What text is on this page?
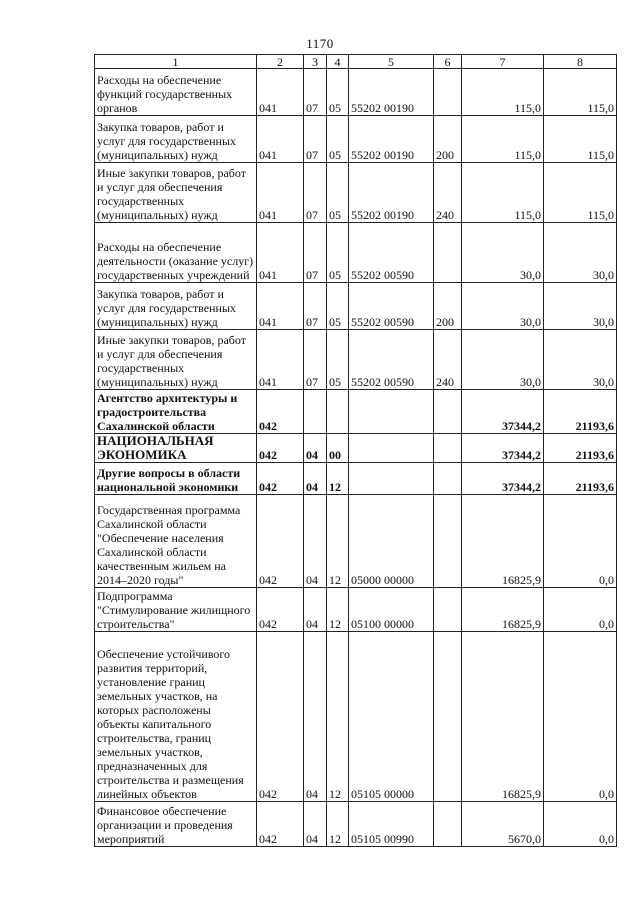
1170
1	2	3	4	5	6	7	8
Расходы на обеспечение функций государственных органов	041	07	05	55202 00190		115,0	115,0
Закупка товаров, работ и услуг для государственных (муниципальных) нужд	041	07	05	55202 00190	200	115,0	115,0
Иные закупки товаров, работ и услуг для обеспечения государственных (муниципальных) нужд	041	07	05	55202 00190	240	115,0	115,0
Расходы на обеспечение деятельности (оказание услуг) государственных учреждений	041	07	05	55202 00590		30,0	30,0
Закупка товаров, работ и услуг для государственных (муниципальных) нужд	041	07	05	55202 00590	200	30,0	30,0
Иные закупки товаров, работ и услуг для обеспечения государственных (муниципальных) нужд	041	07	05	55202 00590	240	30,0	30,0
Агентство архитектуры и градостроительства Сахалинской области	042					37344,2	21193,6
НАЦИОНАЛЬНАЯ ЭКОНОМИКА	042	04	00			37344,2	21193,6
Другие вопросы в области национальной экономики	042	04	12			37344,2	21193,6
Государственная программа Сахалинской области "Обеспечение населения Сахалинской области качественным жильем на 2014–2020 годы"	042	04	12	05000 00000		16825,9	0,0
Подпрограмма "Стимулирование жилищного строительства"	042	04	12	05100 00000		16825,9	0,0
Обеспечение устойчивого развития территорий, установление границ земельных участков, на которых расположены объекты капитального строительства, границ земельных участков, предназначенных для строительства и размещения линейных объектов	042	04	12	05105 00000		16825,9	0,0
Финансовое обеспечение организации и проведения мероприятий	042	04	12	05105 00990		5670,0	0,0
